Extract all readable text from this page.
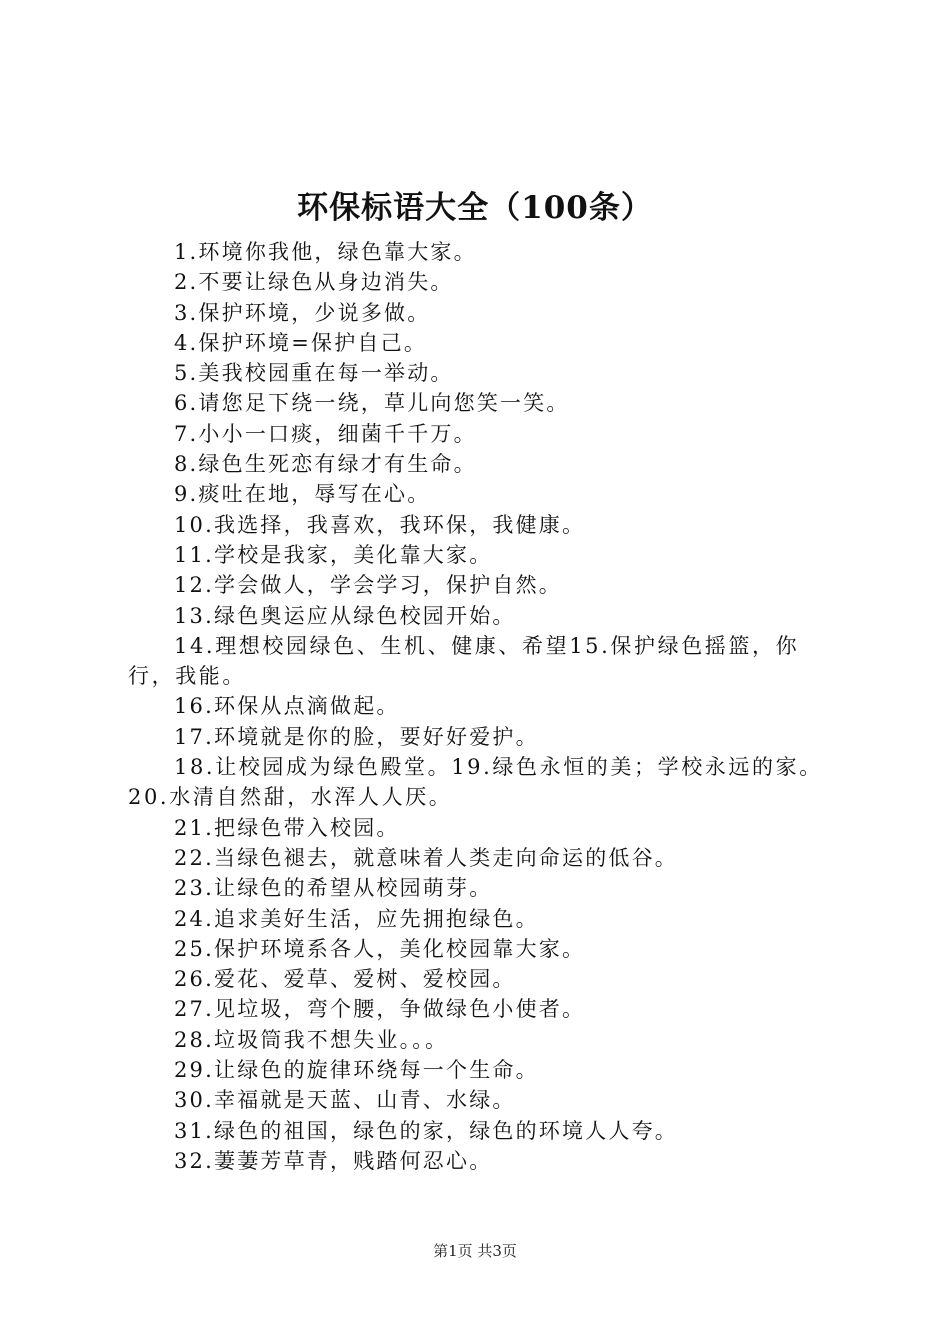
环保标语大全（100条）

1.环境你我他，绿色靠大家。

2.不要让绿色从身边消失。

3.保护环境，少说多做。

4.保护环境=保护自己。

5.美我校园重在每一举动。

6.请您足下绕一绕，草儿向您笑一笑。

7.小小一口痰，细菌千千万。

8.绿色生死恋有绿才有生命。

9.痰吐在地，辱写在心。

10.我选择，我喜欢，我环保，我健康。

11.学校是我家，美化靠大家。

12.学会做人，学会学习，保护自然。

13.绿色奥运应从绿色校园开始。

14.理想校园绿色、生机、健康、希望15.保护绿色摇篮，你行，我能。

16.环保从点滴做起。

17.环境就是你的脸，要好好爱护。

18.让校园成为绿色殿堂。19.绿色永恒的美；学校永远的家。20.水清自然甜，水浑人人厌。

21.把绿色带入校园。

22.当绿色褪去，就意味着人类走向命运的低谷。

23.让绿色的希望从校园萌芽。

24.追求美好生活，应先拥抱绿色。

25.保护环境系各人，美化校园靠大家。

26.爱花、爱草、爱树、爱校园。

27.见垃圾，弯个腰，争做绿色小使者。

28.垃圾筒我不想失业。。。

29.让绿色的旋律环绕每一个生命。

30.幸福就是天蓝、山青、水绿。

31.绿色的祖国，绿色的家，绿色的环境人人夸。

32.萋萋芳草青，贱踏何忍心。

第1页 共3页
